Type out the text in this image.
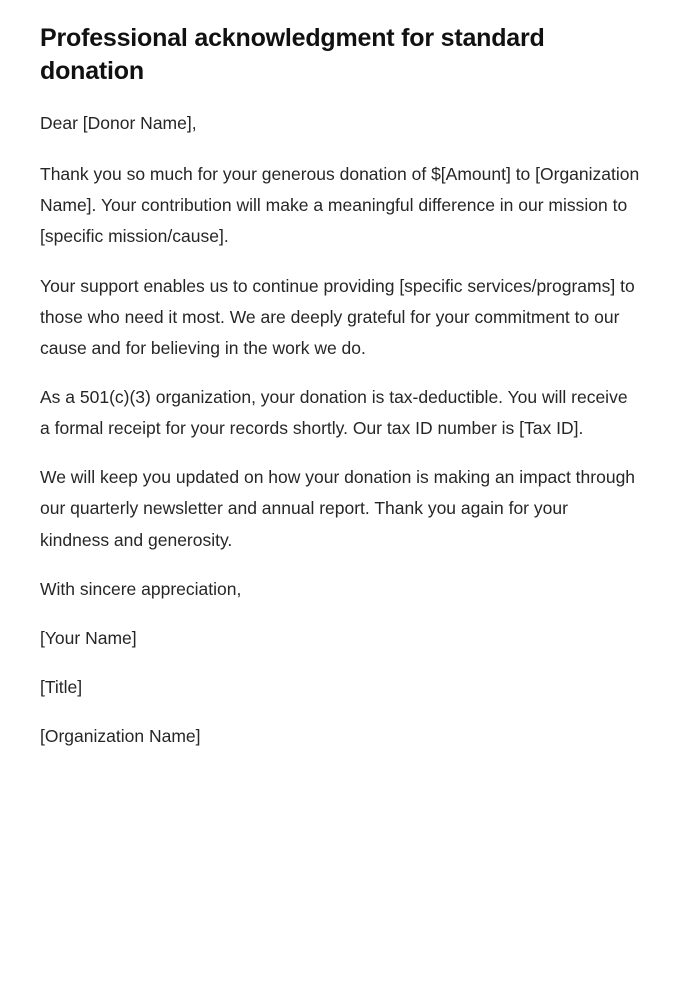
Professional acknowledgment for standard donation

Dear [Donor Name],

Thank you so much for your generous donation of $[Amount] to [Organization Name]. Your contribution will make a meaningful difference in our mission to [specific mission/cause].

Your support enables us to continue providing [specific services/programs] to those who need it most. We are deeply grateful for your commitment to our cause and for believing in the work we do.

As a 501(c)(3) organization, your donation is tax-deductible. You will receive a formal receipt for your records shortly. Our tax ID number is [Tax ID].

We will keep you updated on how your donation is making an impact through our quarterly newsletter and annual report. Thank you again for your kindness and generosity.

With sincere appreciation,

[Your Name]

[Title]

[Organization Name]
